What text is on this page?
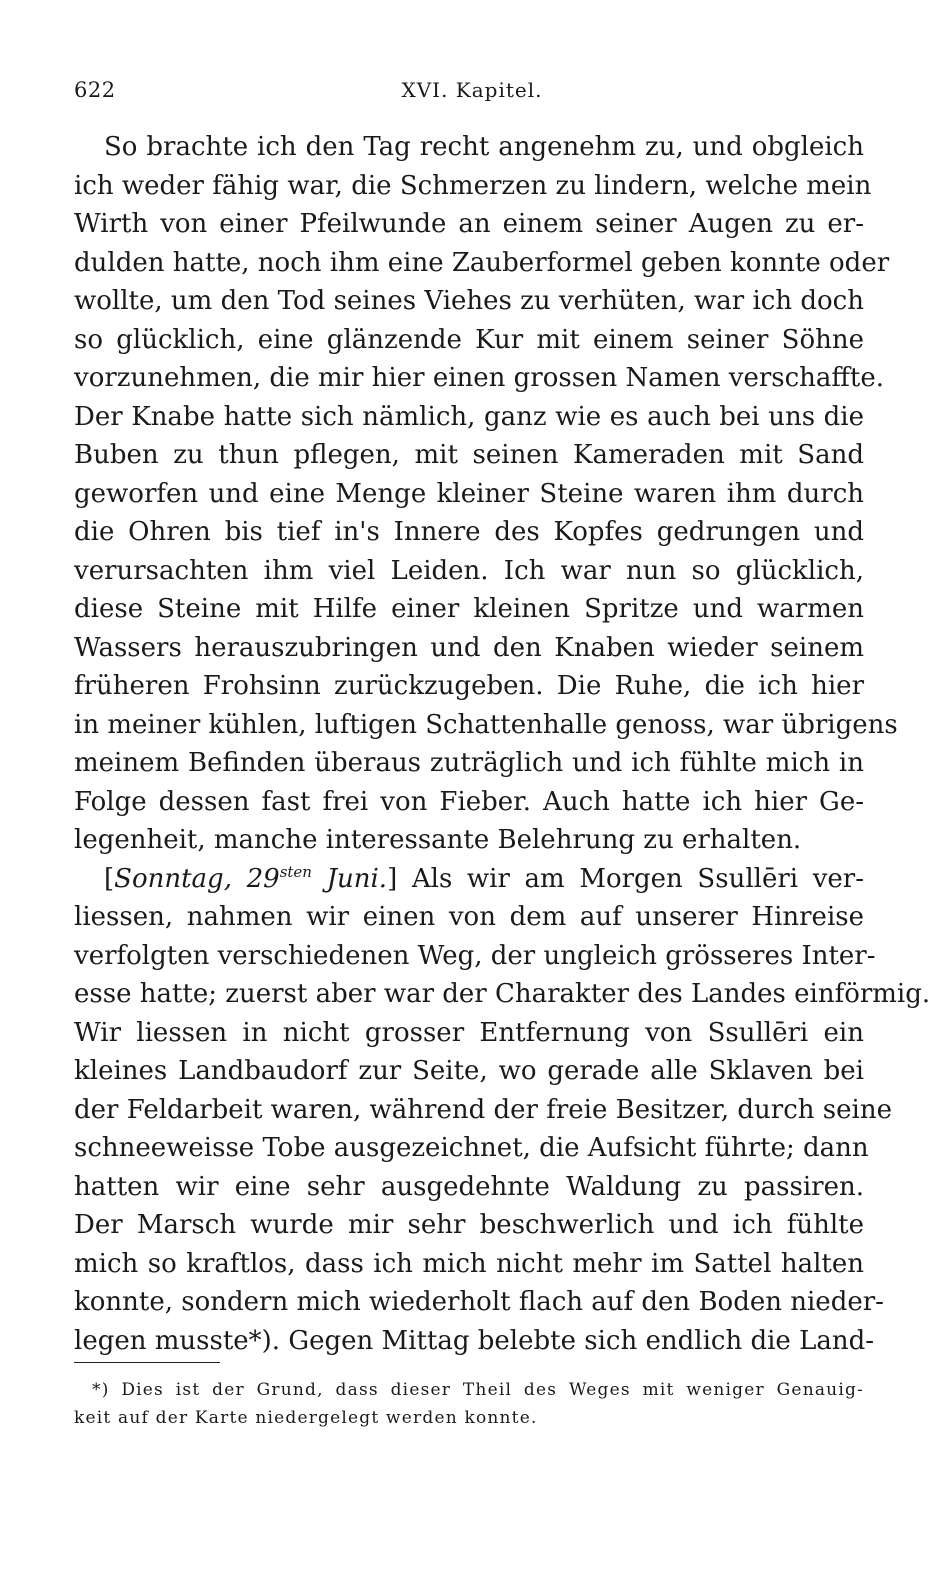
622	XVI. Kapitel.
So brachte ich den Tag recht angenehm zu, und obgleich
ich weder fähig war, die Schmerzen zu lindern, welche mein
Wirth von einer Pfeilwunde an einem seiner Augen zu er-
dulden hatte, noch ihm eine Zauberformel geben konnte oder
wollte, um den Tod seines Viehes zu verhüten, war ich doch
so glücklich, eine glänzende Kur mit einem seiner Söhne
vorzunehmen, die mir hier einen grossen Namen verschaffte.
Der Knabe hatte sich nämlich, ganz wie es auch bei uns die
Buben zu thun pflegen, mit seinen Kameraden mit Sand
geworfen und eine Menge kleiner Steine waren ihm durch
die Ohren bis tief in's Innere des Kopfes gedrungen und
verursachten ihm viel Leiden. Ich war nun so glücklich,
diese Steine mit Hilfe einer kleinen Spritze und warmen
Wassers herauszubringen und den Knaben wieder seinem
früheren Frohsinn zurückzugeben. Die Ruhe, die ich hier
in meiner kühlen, luftigen Schattenhalle genoss, war übrigens
meinem Befinden überaus zuträglich und ich fühlte mich in
Folge dessen fast frei von Fieber. Auch hatte ich hier Ge-
legenheit, manche interessante Belehrung zu erhalten.
[Sonntag, $29^{sten}$ Juni.] Als wir am Morgen Ssullēri ver-
liessen, nahmen wir einen von dem auf unserer Hinreise
verfolgten verschiedenen Weg, der ungleich grösseres Inter-
esse hatte; zuerst aber war der Charakter des Landes einförmig.
Wir liessen in nicht grosser Entfernung von Ssullēri ein
kleines Landbaudorf zur Seite, wo gerade alle Sklaven bei
der Feldarbeit waren, während der freie Besitzer, durch seine
schneeweisse Tobe ausgezeichnet, die Aufsicht führte; dann
hatten wir eine sehr ausgedehnte Waldung zu passiren.
Der Marsch wurde mir sehr beschwerlich und ich fühlte
mich so kraftlos, dass ich mich nicht mehr im Sattel halten
konnte, sondern mich wiederholt flach auf den Boden nieder-
legen musste*). Gegen Mittag belebte sich endlich die Land-
*) Dies ist der Grund, dass dieser Theil des Weges mit weniger Genauig-
keit auf der Karte niedergelegt werden konnte.
